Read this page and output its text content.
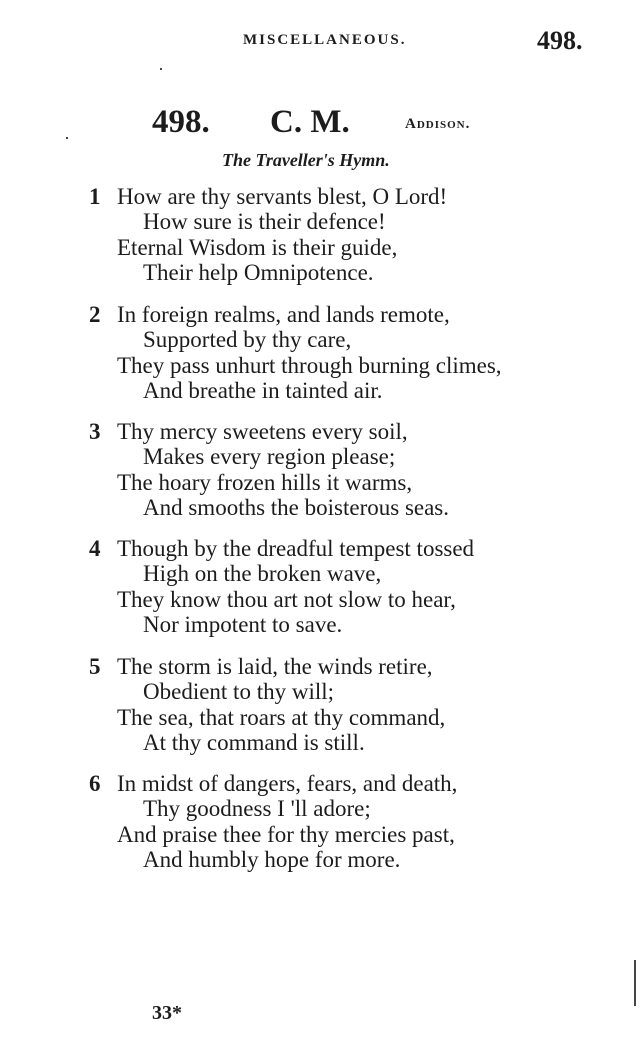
MISCELLANEOUS.	498.
498. C. M.	Addison.
The Traveller's Hymn.
1 How are thy servants blest, O Lord!
How sure is their defence!
Eternal Wisdom is their guide,
Their help Omnipotence.
2 In foreign realms, and lands remote,
Supported by thy care,
They pass unhurt through burning climes,
And breathe in tainted air.
3 Thy mercy sweetens every soil,
Makes every region please;
The hoary frozen hills it warms,
And smooths the boisterous seas.
4 Though by the dreadful tempest tossed
High on the broken wave,
They know thou art not slow to hear,
Nor impotent to save.
5 The storm is laid, the winds retire,
Obedient to thy will;
The sea, that roars at thy command,
At thy command is still.
6 In midst of dangers, fears, and death,
Thy goodness I 'll adore;
And praise thee for thy mercies past,
And humbly hope for more.
33*
